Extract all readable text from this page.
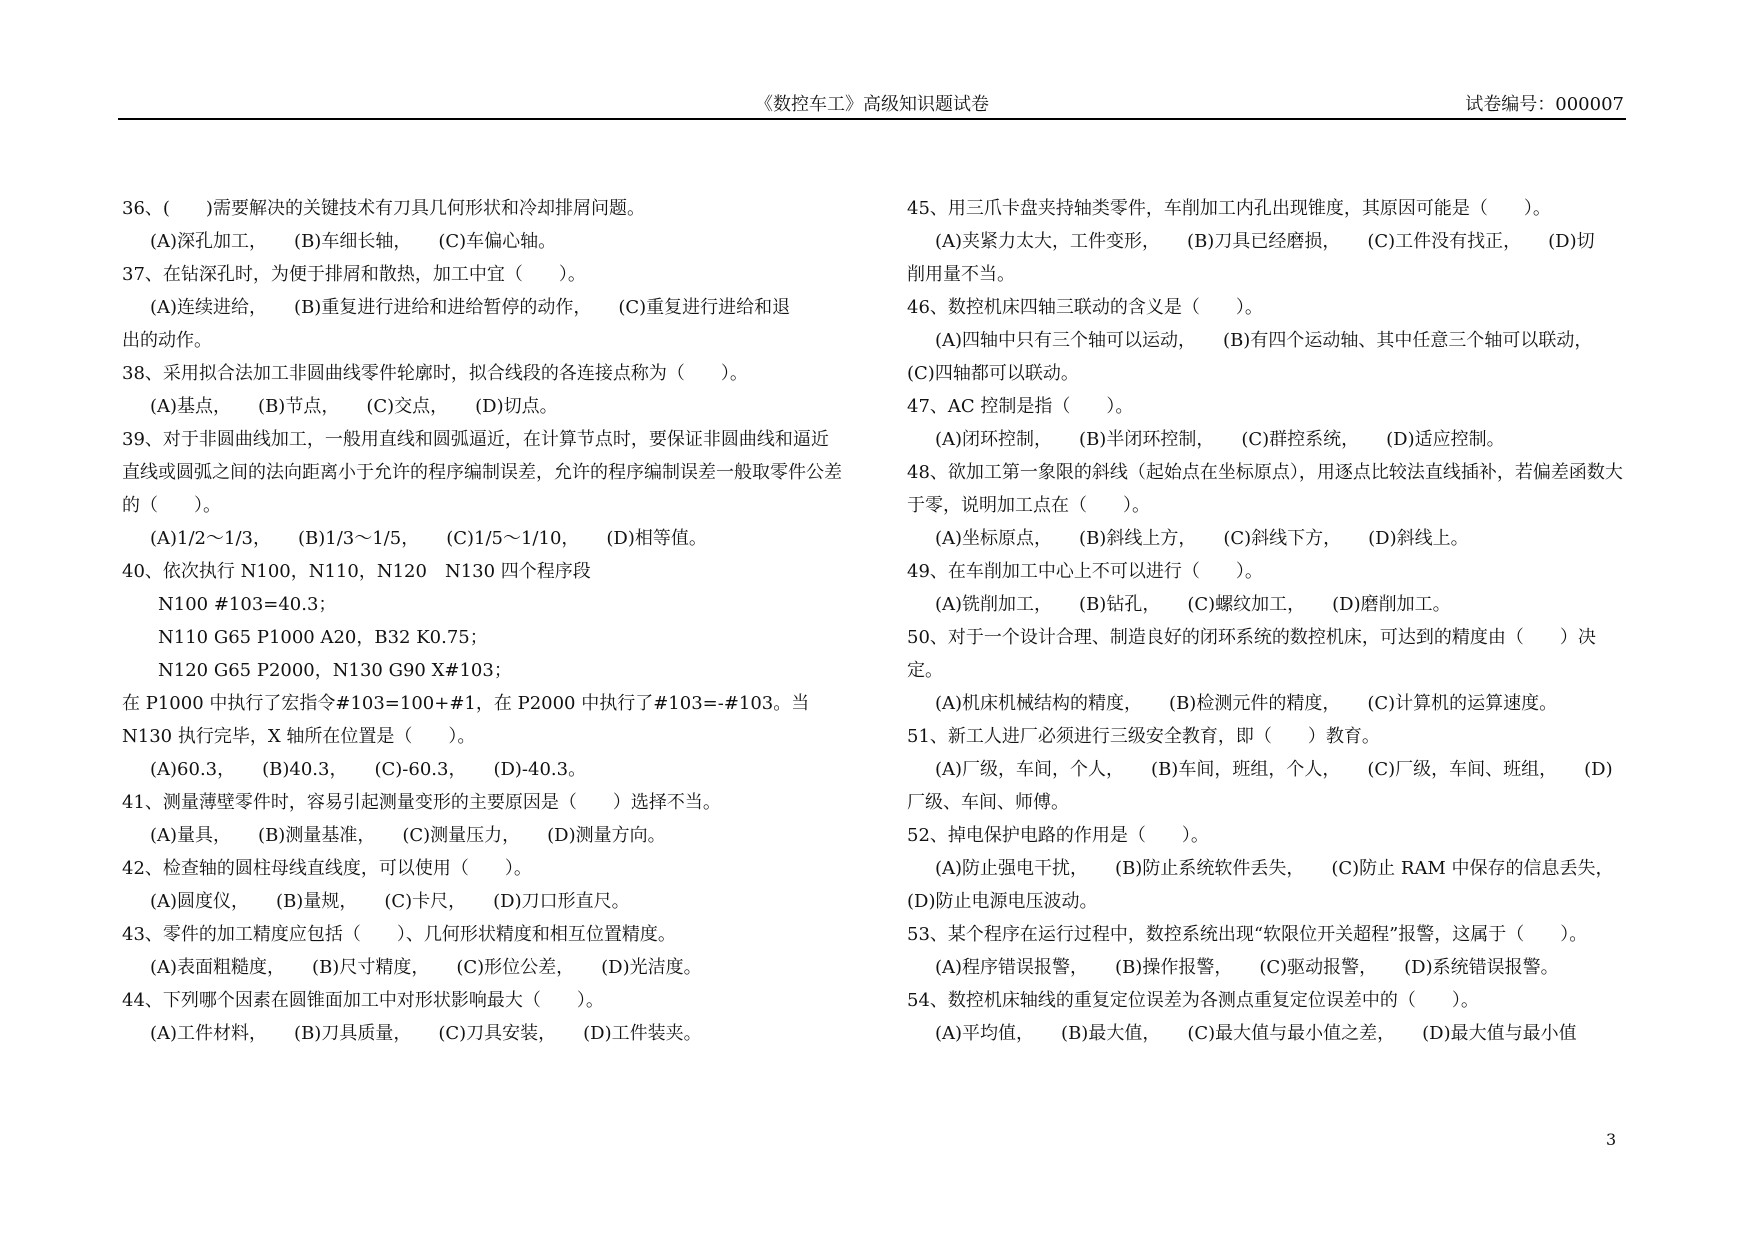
《数控车工》高级知识题试卷	试卷编号：000007
36、(　　)需要解决的关键技术有刀具几何形状和冷却排屑问题。
(A)深孔加工，　　(B)车细长轴，　　(C)车偏心轴。
37、在钻深孔时，为便于排屑和散热，加工中宜（　　）。
(A)连续进给，　　(B)重复进行进给和进给暂停的动作，　　(C)重复进行进给和退
出的动作。
38、采用拟合法加工非圆曲线零件轮廓时，拟合线段的各连接点称为（　　）。
(A)基点，　　(B)节点，　　(C)交点，　　(D)切点。
39、对于非圆曲线加工，一般用直线和圆弧逼近，在计算节点时，要保证非圆曲线和逼近直线或圆弧之间的法向距离小于允许的程序编制误差，允许的程序编制误差一般取零件公差的（　　）。
(A)1/2～1/3，　　(B)1/3～1/5，　　(C)1/5～1/10，　　(D)相等值。
40、依次执行 N100，N110，N120　N130 四个程序段
N100 #103=40.3；
N110 G65 P1000 A20，B32 K0.75；
N120 G65 P2000，N130 G90 X#103；
在 P1000 中执行了宏指令#103=100+#1，在 P2000 中执行了#103=-#103。当 N130 执行完毕，X 轴所在位置是（　　）。
(A)60.3，　　(B)40.3，　　(C)-60.3，　　(D)-40.3。
41、测量薄壁零件时，容易引起测量变形的主要原因是（　　）选择不当。
(A)量具，　　(B)测量基准，　　(C)测量压力，　　(D)测量方向。
42、检查轴的圆柱母线直线度，可以使用（　　）。
(A)圆度仪，　　(B)量规，　　(C)卡尺，　　(D)刀口形直尺。
43、零件的加工精度应包括（　　）、几何形状精度和相互位置精度。
(A)表面粗糙度，　　(B)尺寸精度，　　(C)形位公差，　　(D)光洁度。
44、下列哪个因素在圆锥面加工中对形状影响最大（　　）。
(A)工件材料，　　(B)刀具质量，　　(C)刀具安装，　　(D)工件装夹。
45、用三爪卡盘夹持轴类零件，车削加工内孔出现锥度，其原因可能是（　　）。
(A)夹紧力太大，工件变形，　　(B)刀具已经磨损，　　(C)工件没有找正，　　(D)切
削用量不当。
46、数控机床四轴三联动的含义是（　　）。
(A)四轴中只有三个轴可以运动，　　(B)有四个运动轴、其中任意三个轴可以联动，
(C)四轴都可以联动。
47、AC 控制是指（　　）。
(A)闭环控制，　　(B)半闭环控制，　　(C)群控系统，　　(D)适应控制。
48、欲加工第一象限的斜线（起始点在坐标原点），用逐点比较法直线插补，若偏差函数大于零，说明加工点在（　　）。
(A)坐标原点，　　(B)斜线上方，　　(C)斜线下方，　　(D)斜线上。
49、在车削加工中心上不可以进行（　　）。
(A)铣削加工，　　(B)钻孔，　　(C)螺纹加工，　　(D)磨削加工。
50、对于一个设计合理、制造良好的闭环系统的数控机床，可达到的精度由（　　）决定。
(A)机床机械结构的精度，　　(B)检测元件的精度，　　(C)计算机的运算速度。
51、新工人进厂必须进行三级安全教育，即（　　）教育。
(A)厂级，车间，个人，　　(B)车间，班组，个人，　　(C)厂级，车间、班组，　　(D)
厂级、车间、师傅。
52、掉电保护电路的作用是（　　）。
(A)防止强电干扰，　　(B)防止系统软件丢失，　　(C)防止 RAM 中保存的信息丢失，
(D)防止电源电压波动。
53、某个程序在运行过程中，数控系统出现“软限位开关超程”报警，这属于（　　）。
(A)程序错误报警，　　(B)操作报警，　　(C)驱动报警，　　(D)系统错误报警。
54、数控机床轴线的重复定位误差为各测点重复定位误差中的（　　）。
(A)平均值，　　(B)最大值，　　(C)最大值与最小值之差，　　(D)最大值与最小值
3
